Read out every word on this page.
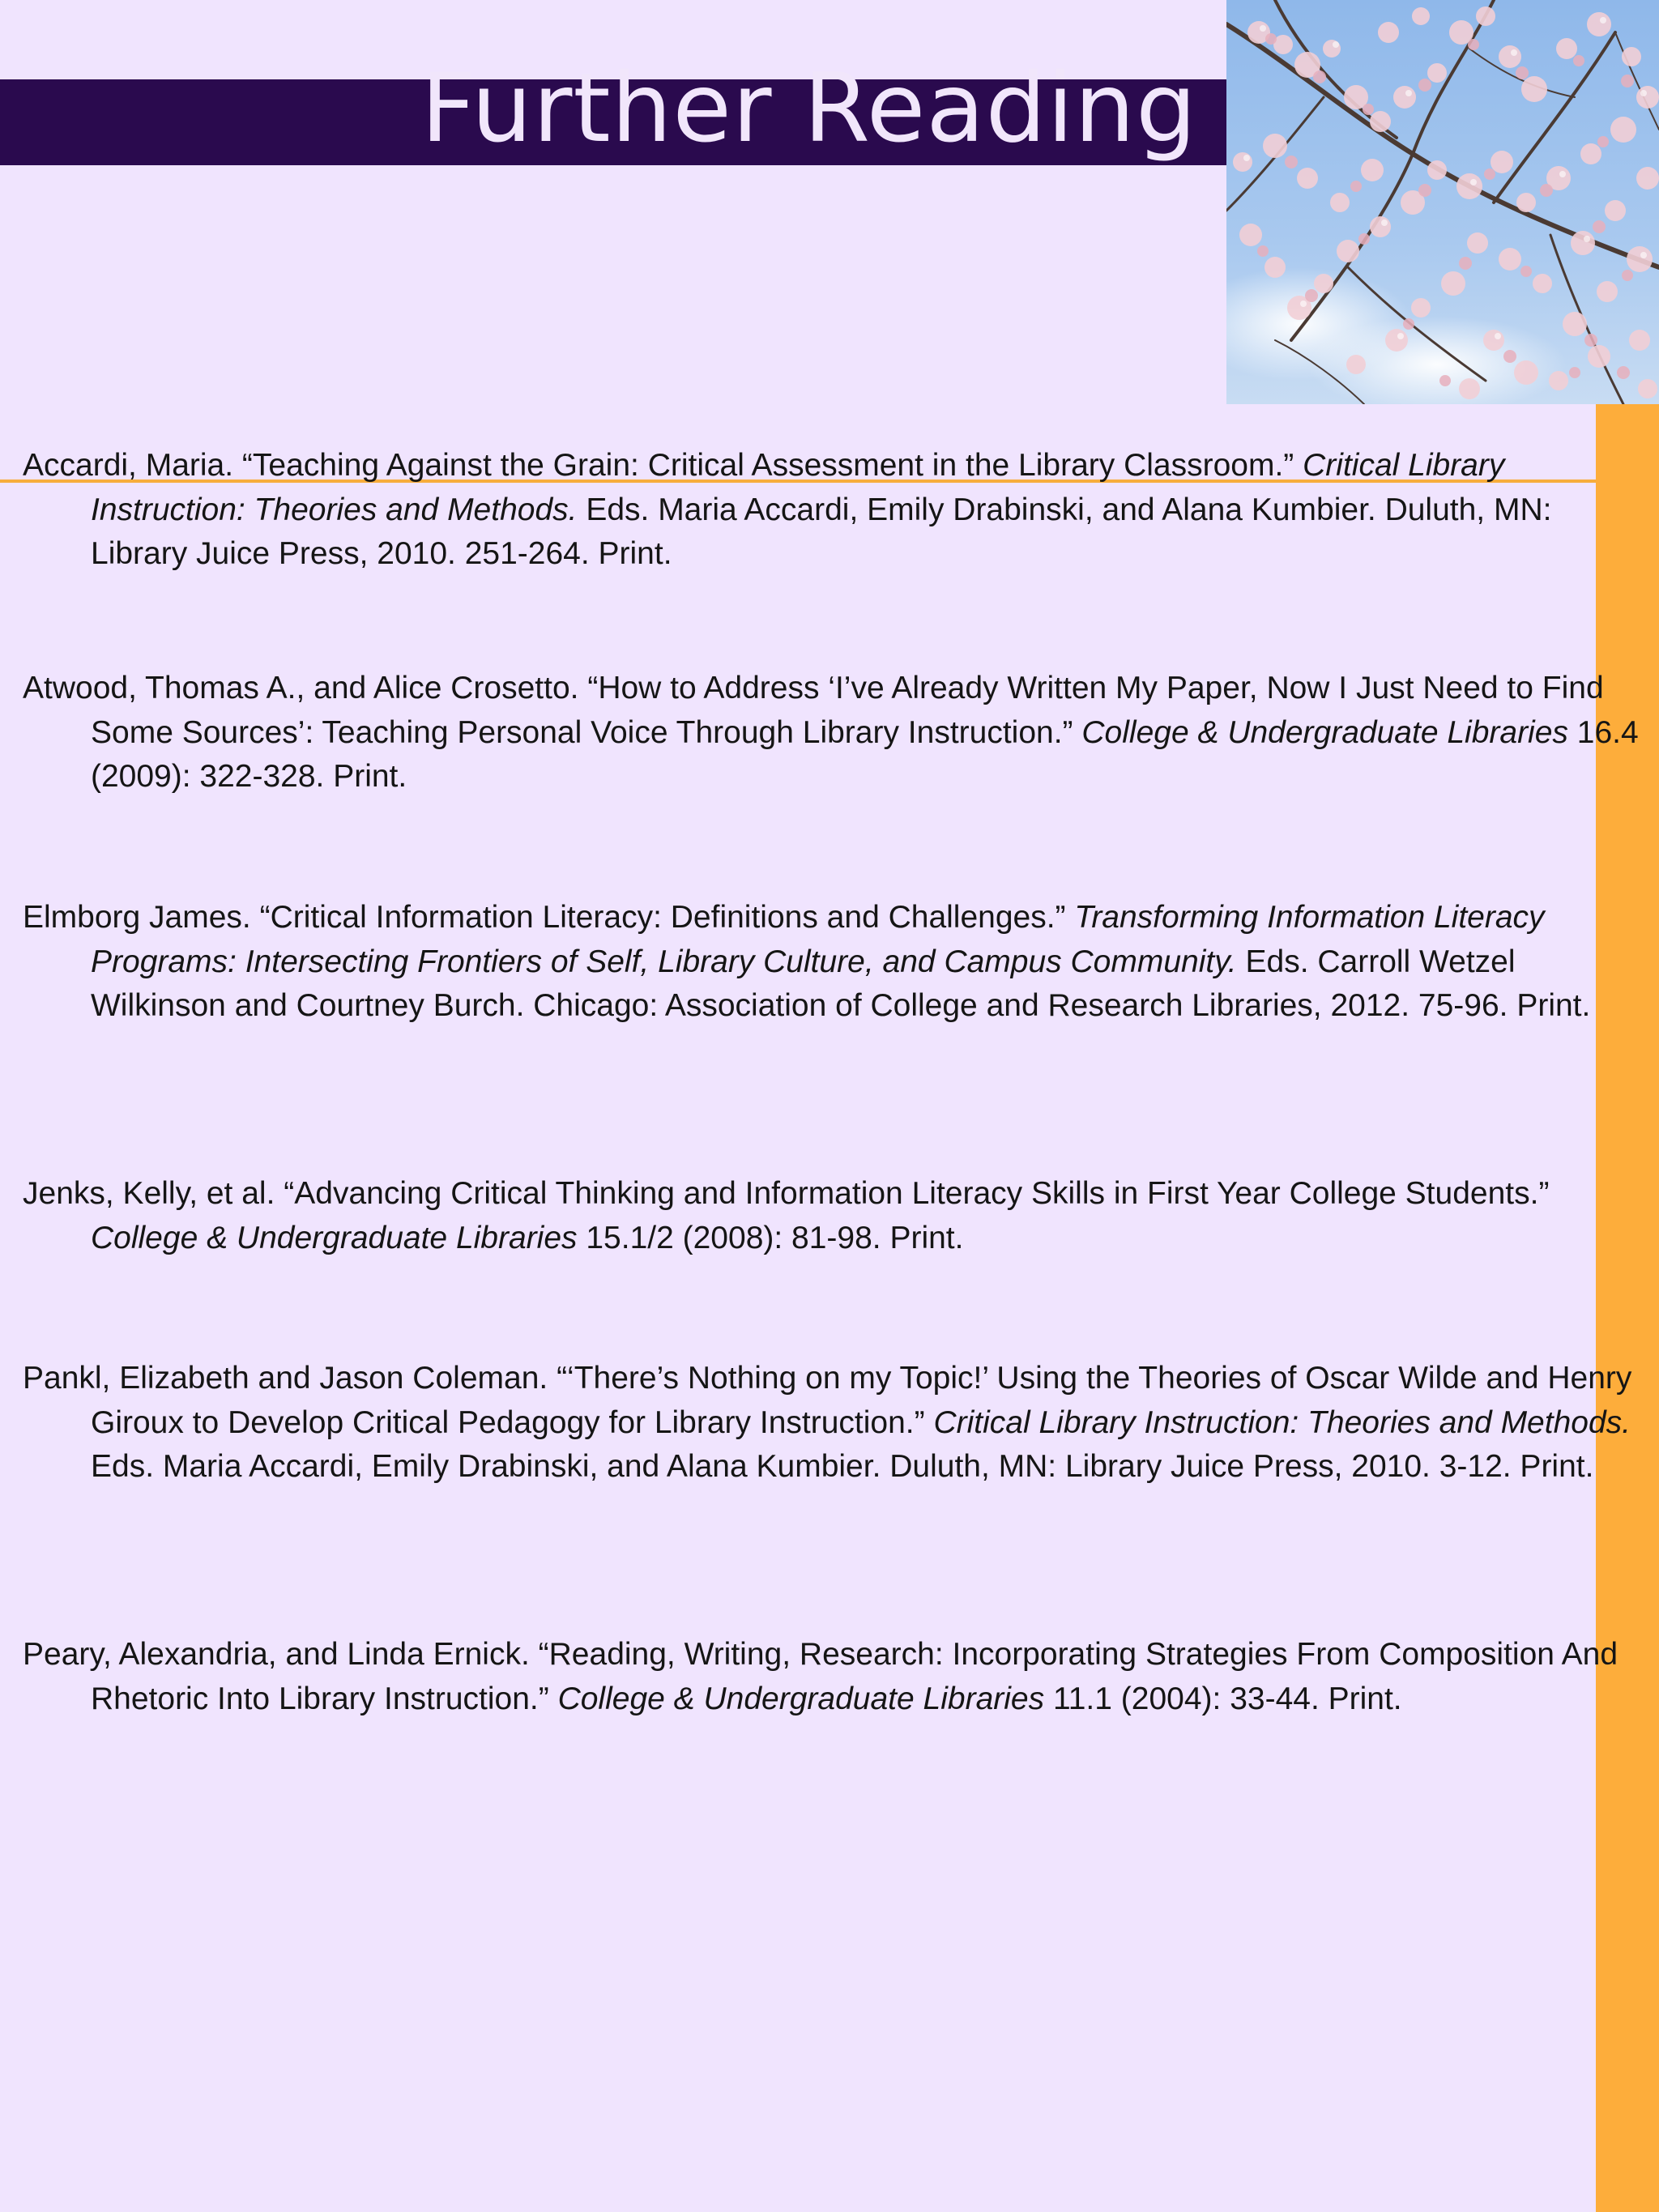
Further Reading
Accardi, Maria. “Teaching Against the Grain: Critical Assessment in the Library Classroom.” Critical Library Instruction: Theories and Methods. Eds. Maria Accardi, Emily Drabinski, and Alana Kumbier. Duluth, MN: Library Juice Press, 2010. 251-264. Print.
Atwood, Thomas A., and Alice Crosetto. “How to Address ‘I’ve Already Written My Paper, Now I Just Need to Find Some Sources’: Teaching Personal Voice Through Library Instruction.” College & Undergraduate Libraries 16.4 (2009): 322-328. Print.
Elmborg James. “Critical Information Literacy: Definitions and Challenges.” Transforming Information Literacy Programs: Intersecting Frontiers of Self, Library Culture, and Campus Community. Eds. Carroll Wetzel Wilkinson and Courtney Burch. Chicago: Association of College and Research Libraries, 2012. 75-96. Print.
Jenks, Kelly, et al. “Advancing Critical Thinking and Information Literacy Skills in First Year College Students.” College & Undergraduate Libraries 15.1/2 (2008): 81-98. Print.
Pankl, Elizabeth and Jason Coleman. “‘There’s Nothing on my Topic!’ Using the Theories of Oscar Wilde and Henry Giroux to Develop Critical Pedagogy for Library Instruction.” Critical Library Instruction: Theories and Methods. Eds. Maria Accardi, Emily Drabinski, and Alana Kumbier. Duluth, MN: Library Juice Press, 2010. 3-12. Print.
Peary, Alexandria, and Linda Ernick. “Reading, Writing, Research: Incorporating Strategies From Composition And Rhetoric Into Library Instruction.” College & Undergraduate Libraries 11.1 (2004): 33-44. Print.
